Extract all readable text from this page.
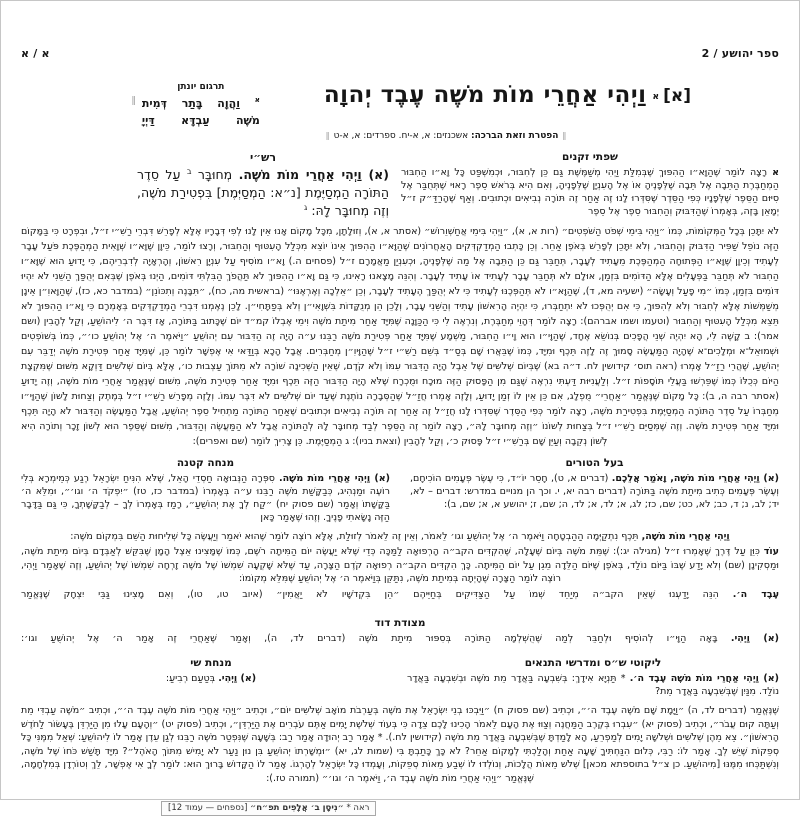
ספר יהושע / 2
א / א
[א]
א
וַיְהִי אַחֲרֵי מוֹת מֹשֶׁה עֶבֶד יְהוָה
תרגום יונתן
$^א$ וַהֲוָה בָּתַר דְּמִית
מֹשֶׁה עַבְדָּא דַּיְיָ
‖
‖הפטרת וזאת הברכה: אשכנזים: א, א-יח. ספרדים: א, א-ט‖
שפתי זקנים
א רָצָה לוֹמַר שֶׁהַוָּא״ו הַהִפּוּךְ שֶׁבְּמִלַּת וַיְהִי מְשַׁמֶּשֶׁת גַּם כֵּן לְחִבּוּר, וּכְמִשְׁפַּט כָּל וָא״ו הַחִבּוּר הַמְחַבֶּרֶת הַתֵּבָה אֶל תֵּבָה שֶׁלְּפָנֶיהָ אוֹ אֶל הָעִנְיָן שֶׁלְּפָנֶיהָ, וְאִם הִיא בְּרֹאשׁ סֵפֶר רָאוּי שֶׁתְּחֻבַּר אֶל סִיּוּם הַסֵּפֶר שֶׁלְּפָנָיו כְּפִי הַסֵּדֶר שֶׁסִּדְּרוּ לָנוּ זֶה אַחַר זֶה תּוֹרָה נְבִיאִים וּכְתוּבִים. וְאַף שֶׁהָרַדַּ״ק ז״ל יְמָאֵן בָּזֶה, בְּאָמְרוֹ שֶׁהַדִּבּוּק וְהַחִבּוּר סֵפֶר אֶל סֵפֶר
רש״י
(א) וַיְהִי אַחֲרֵי מוֹת מֹשֶׁה. מְחוּבָּר $^ב$ עַל סֵדֶר הַתּוֹרָה הַמְסַיֶּמֶת [נ״א: הַמְסַיְּמֶת] בִּפְטִירַת מֹשֶׁה, וְזֶה מְחוּבָּר לָהּ: $^ג$
לֹא יִתָּכֵן בְּכָל הַמְּקוֹמוֹת, כְּמוֹ ״וַיְהִי בִּימֵי שְׁפֹט הַשֹּׁפְטִים״ (רות א, א), ״וַיְהִי בִּימֵי אֲחַשְׁוֵרוֹשׁ״ (אסתר א, א), וְזוּלָתָן, מִכָּל מָקוֹם אָנוּ אֵין לָנוּ לְפִי דְּבָרָיו אֶלָּא לְפָרֵשׁ דִּבְרֵי רַשִׁ״י ז״ל, וּבִפְרָט כִּי בַּמָּקוֹם הַזֶּה נוֹפֵל שַׁפִּיר הַדִּבּוּק וְהַחִבּוּר, וְלֹא יִתָּכֵן לְפָרֵשׁ בְּאֹפֶן אַחֵר. וְכֵן כָּתְבוּ הַמְדַקְדְּקִים הָאַחֲרוֹנִים שֶׁהַוָּא״ו הַהִפּוּךְ אֵינוֹ יוֹצֵא מִכְּלַל הָעִטּוּף וְהַחִבּוּר, וְרָצוּ לוֹמַר, כֵּיוָן שֶׁוָּא״ו שְׁוָאִית הַמְהַפֶּכֶת פֹּעַל עָבָר לְעָתִיד וְכֵיוָן שֶׁוָּא״ו הַפְּתוּחָה הַמְהַפֶּכֶת מֵעָתִיד לְעָבָר, תְּחַבֵּר גַּם כֵּן הַתֵּבָה אֶל מַה שֶּׁלְּפָנֶיהָ, וּכְעִנְיַן מַאֲמָרָם ז״ל (פסחים ה.) וָא״ו מוֹסִיף עַל עִנְיָן רִאשׁוֹן, וְהָרְאָיָה לְדִבְרֵיהֶם, כִּי יָדוּעַ הוּא שֶׁוָּא״ו הַחִבּוּר לֹא תְּחַבֵּר בַּפְּעָלִים אֶלָּא הַדּוֹמִים בִּזְמַן, אוּלָם לֹא תְּחַבֵּר עָבָר לְעָתִיד אוֹ עָתִיד לְעָבָר. וְהִנֵּה מָצָאנוּ רָאִינוּ, כִּי גַּם וָא״ו הַהִפּוּךְ לֹא תַּהֲפֹךְ הַבִּלְתִּי דּוֹמִים, הַיְנוּ בְּאֹפֶן שֶׁבְּאִם יְהֻפַּךְ הַשֵּׁנִי לֹא יִהְיוּ דּוֹמִים בִּזְמַן, כְּמוֹ ״מִי פָעַל וְעָשָׂה״ (ישעיה מא, ד), שֶׁהַוָּא״ו לֹא תְּהַפְּכֶנּוּ לְעָתִיד כִּי לֹא יְהֻפַּךְ הֶעָתִיד לְעָבָר, וְכֵן ״אֵלְכָה וְאֶרְאֶנּוּ״ (בראשית מה, כח), ״תִּבָּנֶה וְתִכּוֹנֵן״ (במדבר כא, כז), שֶׁהַוָּאוִ״ן אֵינָן מְשַׁמְּשׁוֹת אֶלָּא לְחִבּוּר וְלֹא לְהִפּוּךְ, כִּי אִם יְהֻפְּכוּ לֹא יִתְחַבְּרוּ, כִּי יִהְיֶה הָרִאשׁוֹן עָתִיד וְהַשֵּׁנִי עָבָר, וְלָכֵן הֵן מְנֻקָּדוֹת בִּשְׁוָאִי״ן וְלֹא בְּפַתָּחִי״ן. לָכֵן נֶאֶמְנוּ דִּבְרֵי הַמְדַקְדְּקִים בְּאָמְרָם כִּי וָא״ו הַהִפּוּךְ לֹא תֵּצֵא מִכְּלַל הָעִטּוּף וְהַחִבּוּר (וטעמו ושמו אברהם): רָצָה לוֹמַר דְּהָוֵי מְחַבֶּרֶת, וְנִרְאֶה לִי כִּי הַכַּוָּנָה שֶׁמִּיָּד אַחַר מִיתַת מֹשֶׁה וִימֵי אֶבְלוֹ קמ״ד יוֹם שֶׁכָּתוּב בַּתּוֹרָה, אָז דִּבֶּר ה׳ לִיהוֹשֻׁעַ, וְקַל לְהָבִין (ושם אמר): ב קָשֶׁה לִי, הָא יִהְיֶה שְׁנֵי הֲפָכִים בְּנוֹשֵׂא אֶחָד, שֶׁהַוָּי״ו הוּא וָי״ו הַחִבּוּר, מַשְׁמָע שֶׁמִּיָּד אַחַר פְּטִירַת מֹשֶׁה רַבֵּנוּ ע״ה הָיָה זֶה הַדִּבּוּר עִם יְהוֹשֻׁעַ ״וַיֹּאמֶר ה׳ אֶל יְהוֹשֻׁעַ כו׳״, כְּמוֹ בְּשׁוֹפְטִים וּשְׁמוּאֵל־א וּמְלָכִים־א שֶׁהָיָה הַמַּעֲשֶׂה סָמוּךְ זֶה לָזֶה תֵּכֶף וּמִיָּד, כְּמוֹ שֶׁבֵּאֲרוּ שָׁם בְּסַ״ד בְּשֵׁם רַשִׁ״י ז״ל שֶׁהַוָּיוִ״ן מְחַבְּרִים. אֲבָל הָכָא בְּוַדַּאי אִי אֶפְשָׁר לוֹמַר כֵּן, שֶׁמִּיָּד אַחַר פְּטִירַת מֹשֶׁה יְדַבֵּר עִם יְהוֹשֻׁעַ, שֶׁהֲרֵי רַזַ״ל אָמְרוּ (ראה תוס׳ קידושין לח. ד״ה בא) שֶׁבְּיוֹם שְׁלֹשִׁים שֶׁל אֵבֶל הָיָה הַדִּבּוּר עִמּוֹ וְלֹא קֹדֶם, שֶׁאֵין הַשְּׁכִינָה שׁוֹרָה לֹא מִתּוֹךְ עַצְבוּת כו׳, אֶלָּא בְּיוֹם שְׁלֹשִׁים דַּוְקָא מִשּׁוּם שֶׁמִּקְצָת הַיּוֹם כְּכֻלּוֹ כְּמוֹ שֶׁפֵּרְשׁוּ בַּעֲלֵי תּוֹסָפוֹת ז״ל. וְלַעֲנִיּוּת דַּעְתִּי נִרְאֶה שֶׁגַּם מִן הַפָּסוּק הַזֶּה מוּכָח וּמֻכְרָח שֶׁלֹּא הָיָה הַדִּבּוּר הַזֶּה תֵּכֶף וּמִיָּד אַחַר פְּטִירַת מֹשֶׁה, מִשּׁוּם שֶׁנֶּאֱמַר אַחֲרֵי מוֹת מֹשֶׁה, וְזֶה יָדוּעַ (אסתר רבה ה, ב): כָּל מָקוֹם שֶׁנֶּאֱמַר ״אַחֲרֵי״ מֻפְלָג, אִם כֵּן אֵין לוֹ זְמַן יָדוּעַ, וְלָזֶה אָמְרוּ חֲזַ״ל שֶׁהַסְּבָרָה נוֹתֶנֶת שֶׁעַד יוֹם שְׁלֹשִׁים לֹא דִּבֶּר עִמּוֹ. וְלָזֶה מְפָרֵשׁ רַשִׁ״י ז״ל בְּמֶתֶק וְצַחוּת לָשׁוֹן שֶׁהַוָּי״ו מְחַבְּרוֹ עַל סֵדֶר הַתּוֹרָה הַמְסַיֶּמֶת בִּפְטִירַת מֹשֶׁה, רָצָה לוֹמַר כְּפִי הַסֵּדֶר שֶׁסִּדְּרוּ לָנוּ חֲזַ״ל זֶה אַחַר זֶה תּוֹרָה נְבִיאִים וּכְתוּבִים שֶׁאַחַר הַתּוֹרָה מַתְחִיל סֵפֶר יְהוֹשֻׁעַ, אֲבָל הַמַּעֲשֶׂה וְהַדִּבּוּר לֹא הָיָה תֵּכֶף וּמִיָּד אַחַר פְּטִירַת מֹשֶׁה. וְזֶה שֶׁמְּסַיֵּם רַשִׁ״י ז״ל בְּצַחוּת לְשׁוֹנוֹ ״וְזֶה מְחוּבָּר לָהּ״, רָצָה לוֹמַר זֶה הַסֵּפֶר לְבַד מְחוּבָּר לָהּ לְהַתּוֹרָה אֲבָל לֹא הַמַּעֲשֶׂה וְהַדִּבּוּר, מִשּׁוּם שֶׁסֵּפֶר הוּא לְשׁוֹן זָכָר וְתוֹרָה הִיא לְשׁוֹן נְקֵבָה וְעַיֵּן שָׁם בְּרַשִׁ״י ז״ל פָּסוּק כ׳, וְקַל לְהָבִין (וצאת בניו): ג הַמְסַיֶּמֶת. כֵּן צָרִיךְ לוֹמַר (שם ואפרים):
בעל הטורים
(א) וַיְהִי אַחֲרֵי מוֹת מֹשֶׁה, וָאֹמַר אֲלֵכֶם. (דברים א, ט), חָסֵר יוֹ״ד, כִּי עֶשֶׂר פְּעָמִים הוֹכִיחָם, וְעֶשֶׂר פְּעָמִים כְּתִיב מִיתַת מֹשֶׁה בַּתּוֹרָה (דברים רבה יא, י. וכך הן מנויים במדרש: דברים – לא, יד; לב, נ; ד, כב; לא, כט; שם, כז; לג, א; לד, א; לד, ה; שם, ז; יהושע א, א; שם, ב):
מנחה קטנה
(א) וַיְהִי אַחֲרֵי מוֹת מֹשֶׁה. סִפְּרָה הַנְּבוּאָה חַסְדֵי הָאֵל, שֶׁלֹּא הִנִּיחַ יִשְׂרָאֵל רֶגַע כְּמֵימְרָא בְּלִי רוֹעֶה וּמַנְהִיג, כְּבַקָּשַׁת מֹשֶׁה רַבֵּנוּ ע״ה בְּאָמְרוֹ (במדבר כז, טז) ״יִפְקֹד ה׳ וגו׳״, וּמִלֵּא ה׳ בַּקָּשָׁתוֹ וְאָמַר (שם פסוק יח) ״קַח לְךָ אֶת יְהוֹשֻׁעַ״, רָמַז בְּאָמְרוֹ לְךָ – לְבַקָּשָׁתְךָ, כִּי גַּם בַּדָּבָר הַזֶּה נָשָׂאתִי פָנֶיךָ. וְזֶהוּ שֶׁאָמַר כָּאן

וַיְהִי אַחֲרֵי מוֹת מֹשֶׁה, תֵּכֶף נִתְקַיְּמָה הַהַבְטָחָה וַיֹּאמֶר ה׳ אֶל יְהוֹשֻׁעַ וגו׳ לֵאמֹר, וְאֵין זֶה לֵאמֹר לְזוּלַת, אֶלָּא רוֹצֶה לוֹמַר שֶׁהוּא יֹאמַר וְיַעֲשֶׂה כָּל שְׁלִיחוּת הַשֵּׁם בִּמְקוֹם מֹשֶׁה:

עוֹד כִּוֵּן עַל דֶּרֶךְ שֶׁאָמְרוּ ז״ל (מגילה יג:): שֶׁמֵּת מֹשֶׁה בְּיוֹם שֶׁעָלָה, שֶׁהִקְדִּים הקב״ה הָרְפוּאָה לַמַּכָּה כְּדֵי שֶׁלֹּא יַעֲשֶׂה יוֹם הַמִּיתָה רֹשֶׁם, כְּמוֹ שֶׁמָּצִינוּ אֵצֶל הָמָן שֶׁבִּקֵּשׁ לְאַבְּדָם בְּיוֹם מִיתַת מֹשֶׁה, וּמַסְקִינָן (שם) וְלֹא יָדַע שֶׁבּוֹ בַּיּוֹם נוֹלַד, בְּאֹפֶן שֶׁיּוֹם הַלֵּדָה מֵגֵן עַל יוֹם הַמִּיתָה. כָּךְ הִקְדִּים הקב״ה רְפוּאָה קֹדֶם הַצָּרָה, עַד שֶׁלֹּא שָׁקְעָה שִׁמְשׁוֹ שֶׁל מֹשֶׁה זָרְחָה שִׁמְשׁוֹ שֶׁל יְהוֹשֻׁעַ, וְזֶה שֶׁאָמַר וַיְהִי, רוֹצֶה לוֹמַר הַצָּרָה שֶׁהָיְתָה בְּמִיתַת מֹשֶׁה, נִתַּקֵּן בְּוַיֹּאמֶר ה׳ אֶל יְהוֹשֻׁעַ שֶׁמִּלֵּא מְקוֹמוֹ:

עֶבֶד ה׳. הִנֵּה יָדַעְנוּ שֶׁאֵין הקב״ה מְיַחֵד שְׁמוֹ עַל הַצַּדִּיקִים בְּחַיֵּיהֶם ״הֵן בִּקְדֹשָׁיו לֹא יַאֲמִין״ (איוב טו, טו), וְאִם מָצִינוּ גַּבֵּי יִצְחָק שֶׁנֶּאֱמַר

מצודת דוד
(א) וַיְהִי. בָּאָה הַוָּי״ו לְהוֹסִיף וּלְחַבֵּר לְמַה שֶּׁהֻשְׁלְמָה הַתּוֹרָה בְּסִפּוּר מִיתַת מֹשֶׁה (דברים לד, ה), וְאָמַר שֶׁאַחֲרֵי זֶה אָמַר ה׳ אֶל יְהוֹשֻׁעַ וגו׳:
ליקוטי ש״ס ומדרשי התנאים
(א) וַיְהִי אַחֲרֵי מוֹת מֹשֶׁה עֶבֶד ה׳. * תַּנְיָא אִידָךְ: בְּשִׁבְעָה בַּאֲדָר מֵת מֹשֶׁה וּבְשִׁבְעָה בַּאֲדָר נוֹלַד. מִנַּיִן שֶׁבְּשִׁבְעָה בַּאֲדָר מֵת?
מנחת שי
(א) וַיְהִי. בְּטַעַם רְבִיעַ:

שֶׁנֶּאֱמַר (דברים לד, ה) ״וַיָּמָת שָׁם מֹשֶׁה עֶבֶד ה׳״, וּכְתִיב (שם פסוק ח) ״וַיִּבְכּוּ בְנֵי יִשְׂרָאֵל אֶת מֹשֶׁה בְּעַרְבֹת מוֹאָב שְׁלֹשִׁים יוֹם״, וּכְתִיב ״וַיְהִי אַחֲרֵי מוֹת מֹשֶׁה עֶבֶד ה׳״, וּכְתִיב ״מֹשֶׁה עַבְדִּי מֵת וְעַתָּה קוּם עֲבֹר״, וּכְתִיב (פסוק יא) ״עִבְרוּ בְּקֶרֶב הַמַּחֲנֶה וְצַוּוּ אֶת הָעָם לֵאמֹר הָכִינוּ לָכֶם צֵדָה כִּי בְּעוֹד שְׁלֹשֶׁת יָמִים אַתֶּם עֹבְרִים אֶת הַיַּרְדֵּן״, וּכְתִיב (פסוק יט) ״וְהָעָם עָלוּ מִן הַיַּרְדֵּן בֶּעָשׂוֹר לַחֹדֶשׁ הָרִאשׁוֹן״. צֵא מֵהֶן שְׁלֹשִׁים וּשְׁלֹשָׁה יָמִים לְמַפְרֵעַ, הָא לָמַדְתָּ שֶׁבְּשִׁבְעָה בַּאֲדָר מֵת מֹשֶׁה (קידושין לח.). * אָמַר רַב יְהוּדָה אָמַר רַב: בְּשָׁעָה שֶׁנִּפְטַר מֹשֶׁה רַבֵּנוּ לְגַן עֵדֶן אָמַר לוֹ לִיהוֹשֻׁעַ: שְׁאַל מִמֶּנִּי כָּל סְפֵקוֹת שֶׁיֵּשׁ לְךָ. אָמַר לוֹ: רַבִּי, כְּלוּם הִנַּחְתִּיךָ שָׁעָה אַחַת וְהָלַכְתִּי לְמָקוֹם אַחֵר? לֹא כָּךְ כָּתַבְתָּ בִּי (שמות לג, יא) ״וּמְשָׁרְתוֹ יְהוֹשֻׁעַ בִּן נוּן נַעַר לֹא יָמִישׁ מִתּוֹךְ הָאֹהֶל״? מִיָּד תָּשַׁשׁ כֹּחוֹ שֶׁל מֹשֶׁה, וְנִשְׁתַּכְּחוּ מִמֶּנּוּ [מִיהוֹשֻׁעַ. כן צ״ל בתוספתא מכאן] שְׁלֹשׁ מֵאוֹת הֲלָכוֹת, וְנוֹלְדוּ לוֹ שְׁבַע מֵאוֹת סְפֵקוֹת, וְעָמְדוּ כָּל יִשְׂרָאֵל לְהָרְגוֹ. אָמַר לוֹ הַקָּדוֹשׁ בָּרוּךְ הוּא: לוֹמַר לְךָ אִי אֶפְשָׁר, לֵךְ וְטוֹרְדָן בְּמִלְחָמָה, שֶׁנֶּאֱמַר ״וַיְהִי אַחֲרֵי מוֹת מֹשֶׁה עֶבֶד ה׳, וַיֹּאמֶר ה׳ וגו׳״ (תמורה טז.):

ראה * ״נִיסָן ב׳ אֲלָפִים תפ״ח״ [נספחים — עמוד 12]
